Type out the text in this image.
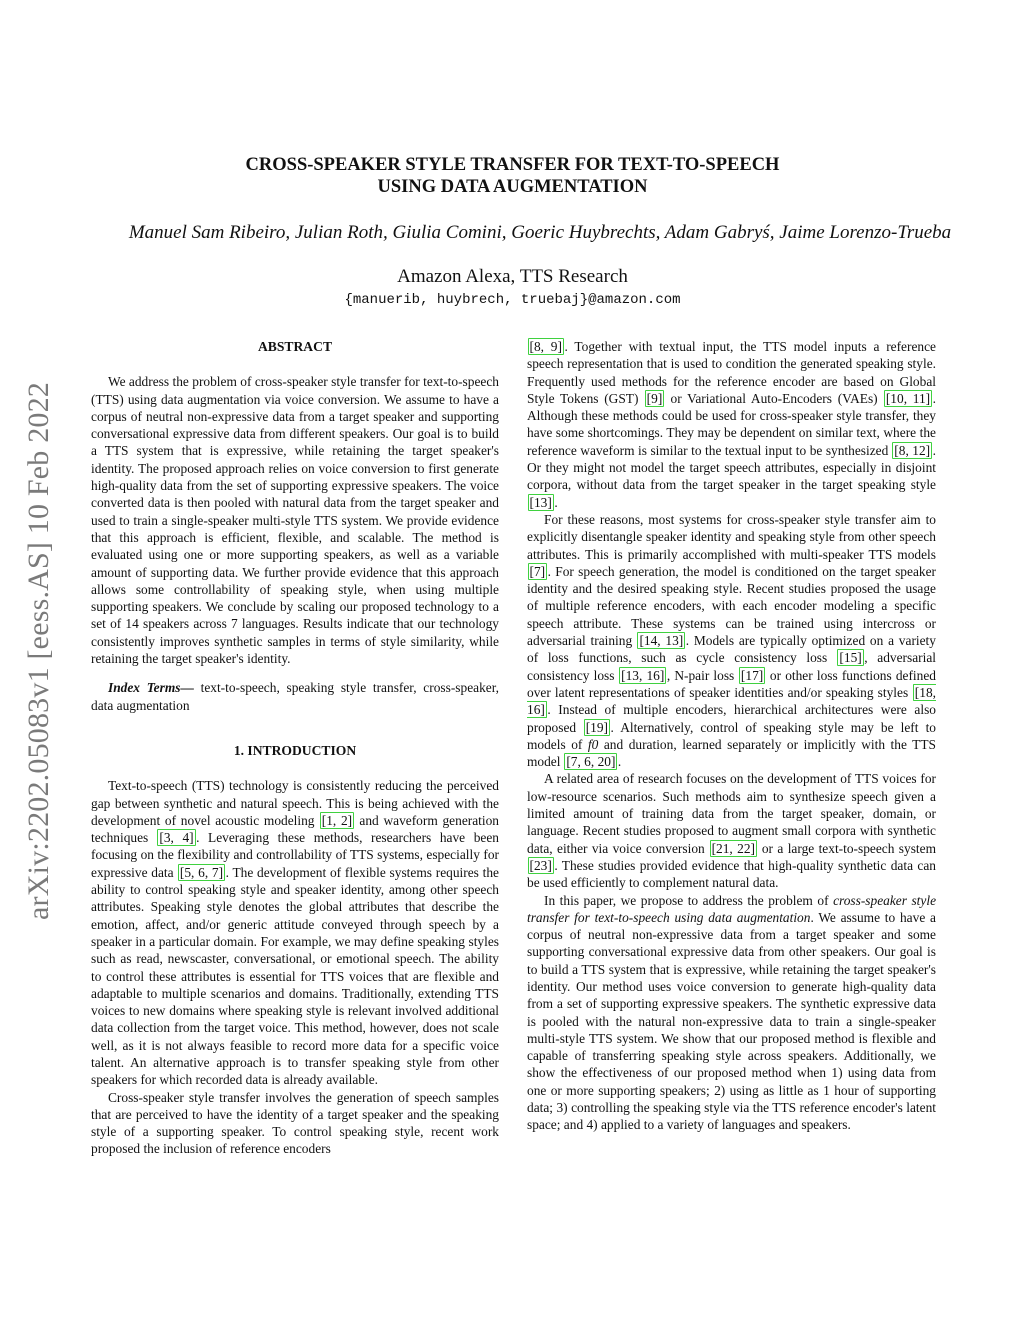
arXiv:2202.05083v1 [eess.AS] 10 Feb 2022
CROSS-SPEAKER STYLE TRANSFER FOR TEXT-TO-SPEECH
USING DATA AUGMENTATION
Manuel Sam Ribeiro, Julian Roth, Giulia Comini, Goeric Huybrechts, Adam Gabryś, Jaime Lorenzo-Trueba
Amazon Alexa, TTS Research
{manuerib, huybrech, truebaj}@amazon.com
ABSTRACT

We address the problem of cross-speaker style transfer for text-to-speech (TTS) using data augmentation via voice conversion. We assume to have a corpus of neutral non-expressive data from a target speaker and supporting conversational expressive data from different speakers. Our goal is to build a TTS system that is expressive, while retaining the target speaker's identity. The proposed approach relies on voice conversion to first generate high-quality data from the set of supporting expressive speakers. The voice converted data is then pooled with natural data from the target speaker and used to train a single-speaker multi-style TTS system. We provide evidence that this approach is efficient, flexible, and scalable. The method is evaluated using one or more supporting speakers, as well as a variable amount of supporting data. We further provide evidence that this approach allows some controllability of speaking style, when using multiple supporting speakers. We conclude by scaling our proposed technology to a set of 14 speakers across 7 languages. Results indicate that our technology consistently improves synthetic samples in terms of style similarity, while retaining the target speaker's identity.

Index Terms— text-to-speech, speaking style transfer, cross-speaker, data augmentation

1. INTRODUCTION

Text-to-speech (TTS) technology is consistently reducing the perceived gap between synthetic and natural speech. This is being achieved with the development of novel acoustic modeling [1, 2] and waveform generation techniques [3, 4] . Leveraging these methods, researchers have been focusing on the flexibility and controllability of TTS systems, especially for expressive data [5, 6, 7] . The development of flexible systems requires the ability to control speaking style and speaker identity, among other speech attributes. Speaking style denotes the global attributes that describe the emotion, affect, and/or generic attitude conveyed through speech by a speaker in a particular domain. For example, we may define speaking styles such as read, newscaster, conversational, or emotional speech. The ability to control these attributes is essential for TTS voices that are flexible and adaptable to multiple scenarios and domains. Traditionally, extending TTS voices to new domains where speaking style is relevant involved additional data collection from the target voice. This method, however, does not scale well, as it is not always feasible to record more data for a specific voice talent. An alternative approach is to transfer speaking style from other speakers for which recorded data is already available.

Cross-speaker style transfer involves the generation of speech samples that are perceived to have the identity of a target speaker and the speaking style of a supporting speaker. To control speaking style, recent work proposed the inclusion of reference encoders

[8, 9] . Together with textual input, the TTS model inputs a reference speech representation that is used to condition the generated speaking style. Frequently used methods for the reference encoder are based on Global Style Tokens (GST) [9] or Variational Auto-Encoders (VAEs) [10, 11] . Although these methods could be used for cross-speaker style transfer, they have some shortcomings. They may be dependent on similar text, where the reference waveform is similar to the textual input to be synthesized [8, 12] . Or they might not model the target speech attributes, especially in disjoint corpora, without data from the target speaker in the target speaking style [13] .

For these reasons, most systems for cross-speaker style transfer aim to explicitly disentangle speaker identity and speaking style from other speech attributes. This is primarily accomplished with multi-speaker TTS models [7] . For speech generation, the model is conditioned on the target speaker identity and the desired speaking style. Recent studies proposed the usage of multiple reference encoders, with each encoder modeling a specific speech attribute. These systems can be trained using intercross or adversarial training [14, 13] . Models are typically optimized on a variety of loss functions, such as cycle consistency loss [15] , adversarial consistency loss [13, 16] , N-pair loss [17] or other loss functions defined over latent representations of speaker identities and/or speaking styles [18, 16] . Instead of multiple encoders, hierarchical architectures were also proposed [19] . Alternatively, control of speaking style may be left to models of f0 and duration, learned separately or implicitly with the TTS model [7, 6, 20] .

A related area of research focuses on the development of TTS voices for low-resource scenarios. Such methods aim to synthesize speech given a limited amount of training data from the target speaker, domain, or language. Recent studies proposed to augment small corpora with synthetic data, either via voice conversion [21, 22] or a large text-to-speech system [23] . These studies provided evidence that high-quality synthetic data can be used efficiently to complement natural data.

In this paper, we propose to address the problem of cross-speaker style transfer for text-to-speech using data augmentation. We assume to have a corpus of neutral non-expressive data from a target speaker and some supporting conversational expressive data from other speakers. Our goal is to build a TTS system that is expressive, while retaining the target speaker's identity. Our method uses voice conversion to generate high-quality data from a set of supporting expressive speakers. The synthetic expressive data is pooled with the natural non-expressive data to train a single-speaker multi-style TTS system. We show that our proposed method is flexible and capable of transferring speaking style across speakers. Additionally, we show the effectiveness of our proposed method when 1) using data from one or more supporting speakers; 2) using as little as 1 hour of supporting data; 3) controlling the speaking style via the TTS reference encoder's latent space; and 4) applied to a variety of languages and speakers.
